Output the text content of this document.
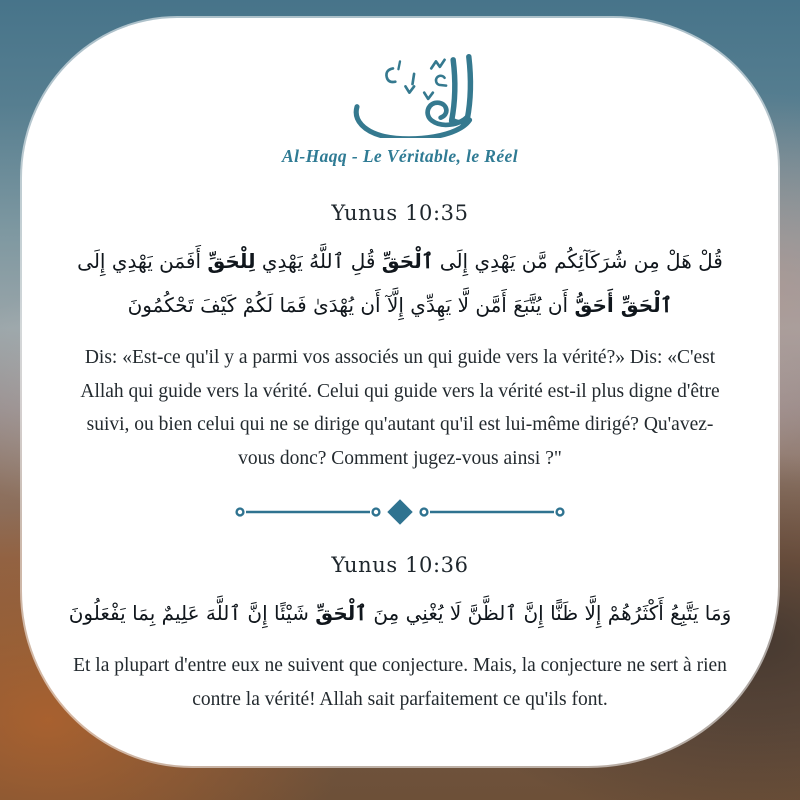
Al-Haqq - Le Véritable, le Réel
Yunus 10:35

قُلْ هَلْ مِن شُرَكَآئِكُم مَّن يَهْدِي إِلَى ٱلْحَقِّ قُلِ ٱللَّهُ يَهْدِي لِلْحَقِّ أَفَمَن يَهْدِي إِلَى ٱلْحَقِّ أَحَقُّ أَن يُتَّبَعَ أَمَّن لَّا يَهِدِّي إِلَّآ أَن يُهْدَىٰ فَمَا لَكُمْ كَيْفَ تَحْكُمُونَ

Dis: «Est-ce qu'il y a parmi vos associés un qui guide vers la vérité?» Dis: «C'est Allah qui guide vers la vérité. Celui qui guide vers la vérité est-il plus digne d'être suivi, ou bien celui qui ne se dirige qu'autant qu'il est lui-même dirigé? Qu'avez-vous donc? Comment jugez-vous ainsi ?"

Yunus 10:36

وَمَا يَتَّبِعُ أَكْثَرُهُمْ إِلَّا ظَنًّا إِنَّ ٱلظَّنَّ لَا يُغْنِي مِنَ ٱلْحَقِّ شَيْئًا إِنَّ ٱللَّهَ عَلِيمٌ بِمَا يَفْعَلُونَ

Et la plupart d'entre eux ne suivent que conjecture. Mais, la conjecture ne sert à rien contre la vérité! Allah sait parfaitement ce qu'ils font.
